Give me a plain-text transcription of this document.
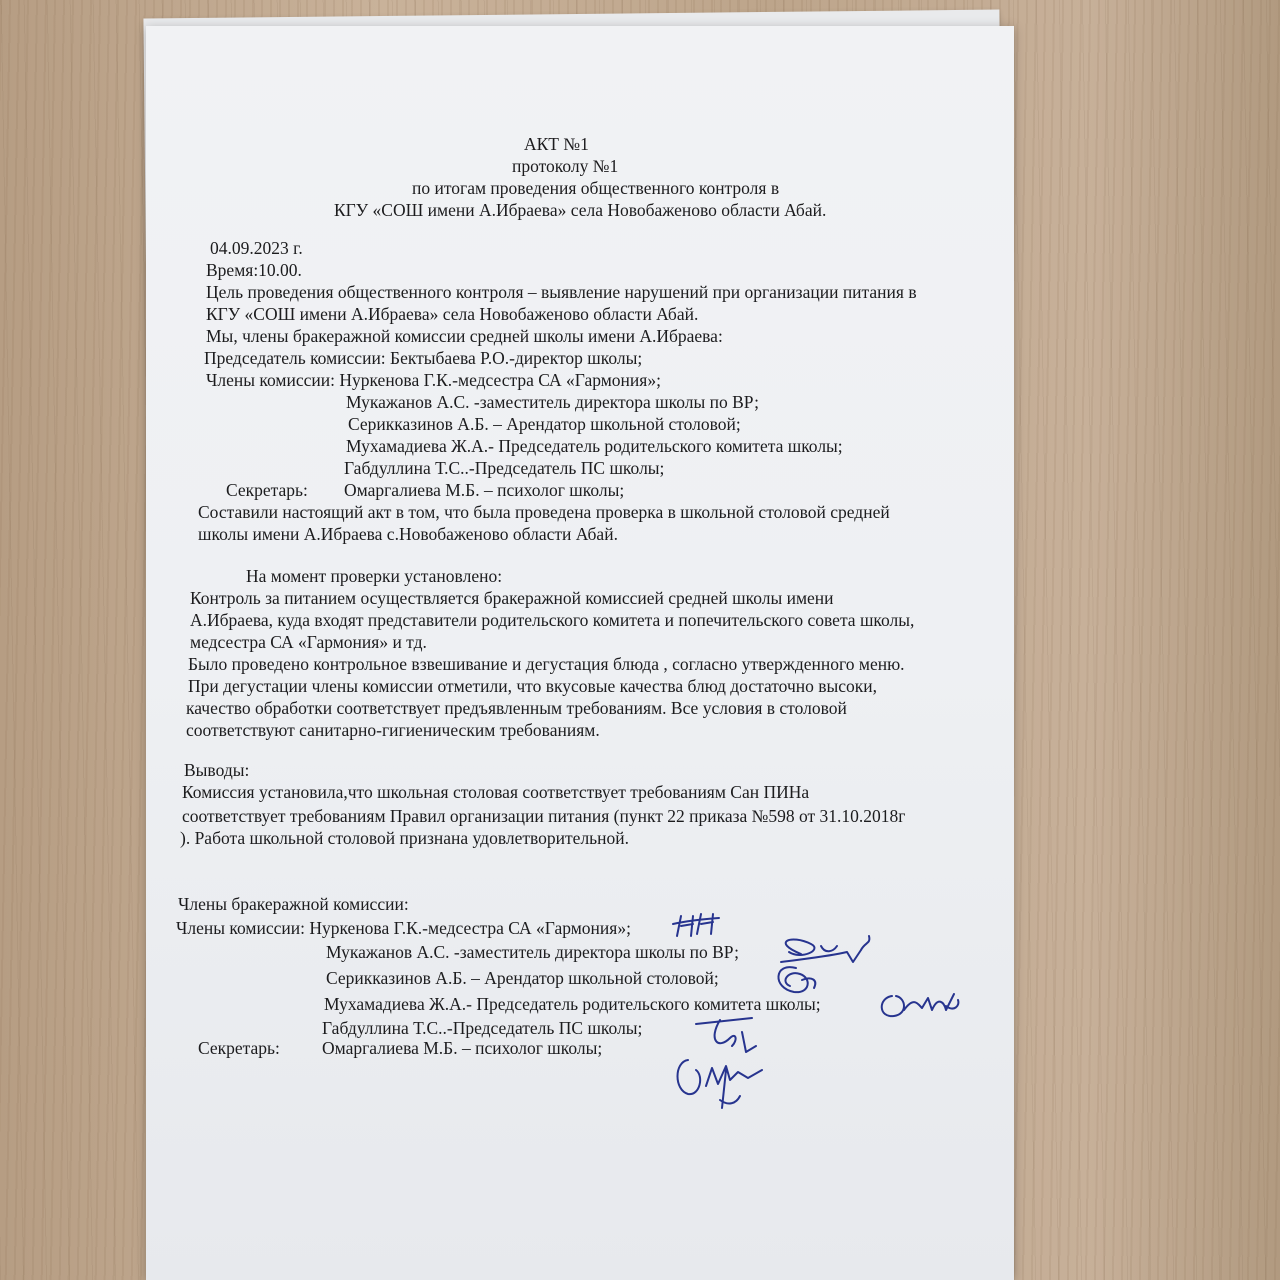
АКТ №1
протоколу №1
по итогам проведения общественного контроля в
КГУ «СОШ имени А.Ибраева» села Новобаженово области Абай.
04.09.2023 г.
Время:10.00.
Цель проведения общественного контроля – выявление нарушений при организации питания в
КГУ «СОШ имени А.Ибраева» села Новобаженово области Абай.
Мы, члены бракеражной комиссии средней школы имени А.Ибраева:
Председатель комиссии: Бектыбаева Р.О.-директор школы;
Члены комиссии: Нуркенова Г.К.-медсестра СА «Гармония»;
Мукажанов А.С. -заместитель директора школы по ВР;
Серикказинов А.Б. – Арендатор школьной столовой;
Мухамадиева Ж.А.- Председатель родительского комитета школы;
Габдуллина Т.С..-Председатель ПС школы;
Секретарь: Омаргалиева М.Б. – психолог школы;
Составили настоящий акт в том, что была проведена проверка в школьной столовой средней
школы имени А.Ибраева с.Новобаженово области Абай.
На момент проверки установлено:
Контроль за питанием осуществляется бракеражной комиссией средней школы имени
А.Ибраева, куда входят представители родительского комитета и попечительского совета школы,
медсестра СА «Гармония» и тд.
Было проведено контрольное взвешивание и дегустация блюда , согласно утвержденного меню.
При дегустации члены комиссии отметили, что вкусовые качества блюд достаточно высоки,
качество обработки соответствует предъявленным требованиям. Все условия в столовой
соответствуют санитарно-гигиеническим требованиям.
Выводы:
Комиссия установила,что школьная столовая соответствует требованиям Сан ПИНа
соответствует требованиям Правил организации питания (пункт 22 приказа №598 от 31.10.2018г
). Работа школьной столовой признана удовлетворительной.
Члены бракеражной комиссии:
Члены комиссии: Нуркенова Г.К.-медсестра СА «Гармония»;
Мукажанов А.С. -заместитель директора школы по ВР;
Серикказинов А.Б. – Арендатор школьной столовой;
Мухамадиева Ж.А.- Председатель родительского комитета школы;
Габдуллина Т.С..-Председатель ПС школы;
Секретарь: Омаргалиева М.Б. – психолог школы;
